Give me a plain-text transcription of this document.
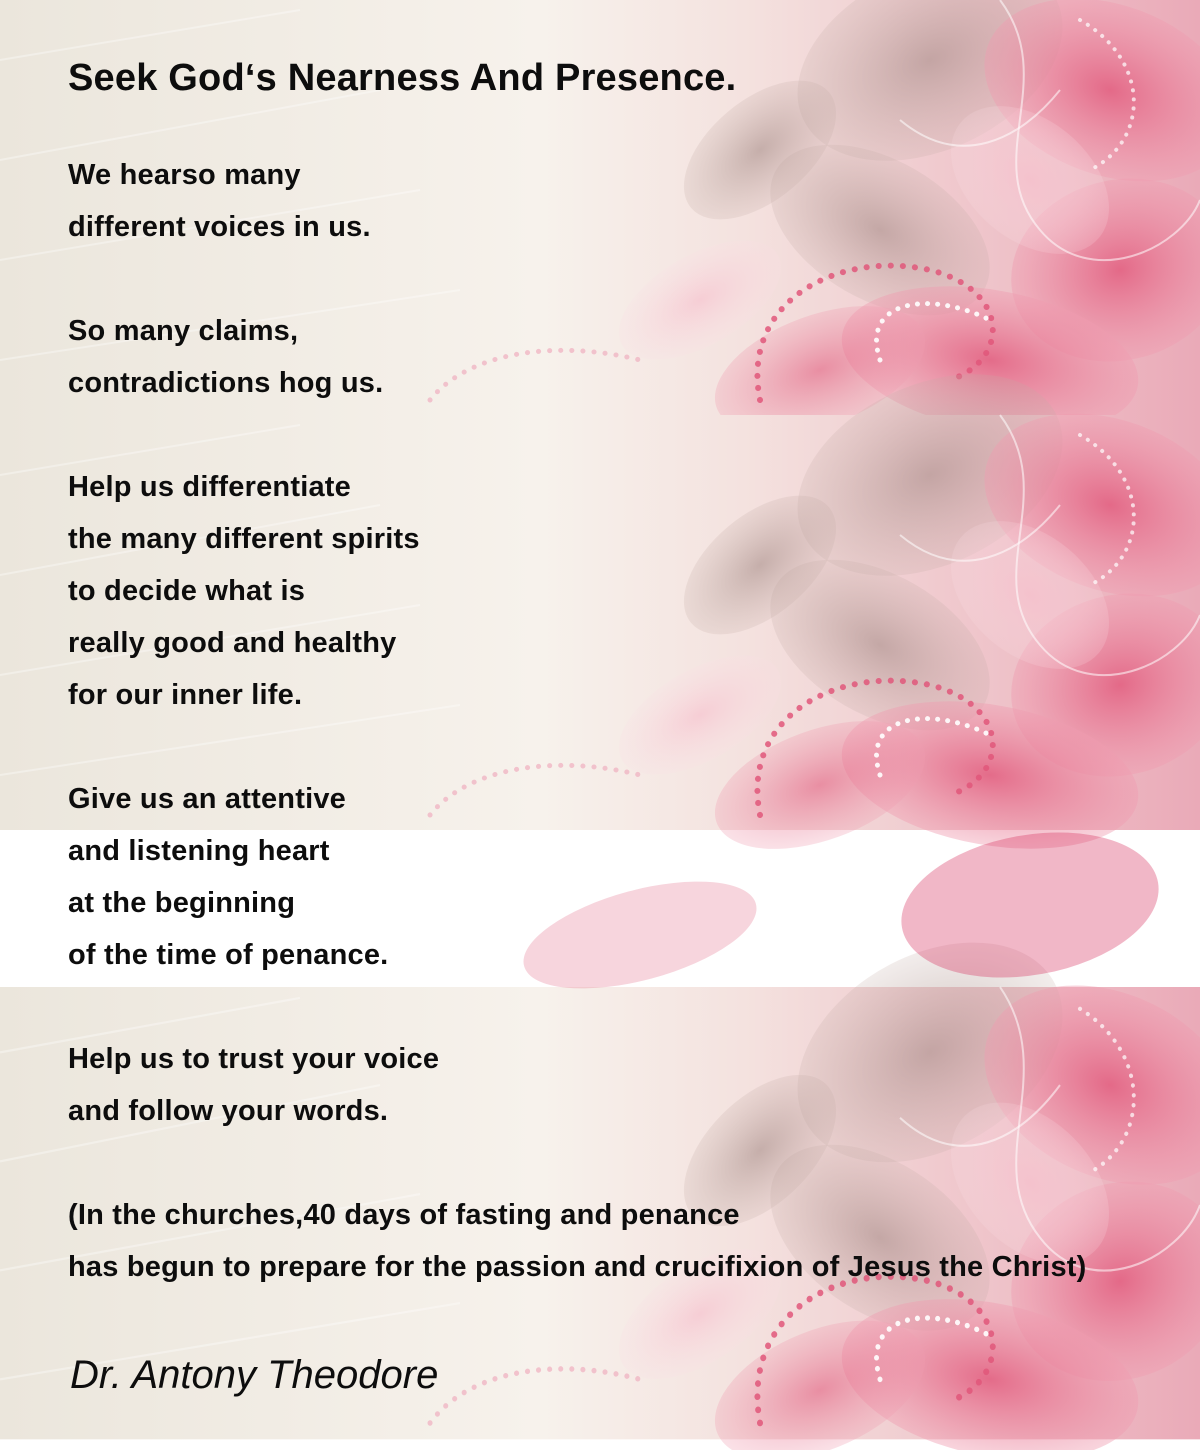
Seek God‘s Nearness And Presence.
We hearso many
different voices in us.
So many claims,
contradictions hog us.
Help us differentiate
the many different spirits
to decide what is
really good and healthy
for our inner life.
Give us an attentive
and listening heart
at the beginning
of the time of penance.
Help us to trust your voice
and follow your words.
(In the churches,40 days of fasting and penance
has begun to prepare for the passion and crucifixion of Jesus the Christ)
Dr. Antony Theodore
